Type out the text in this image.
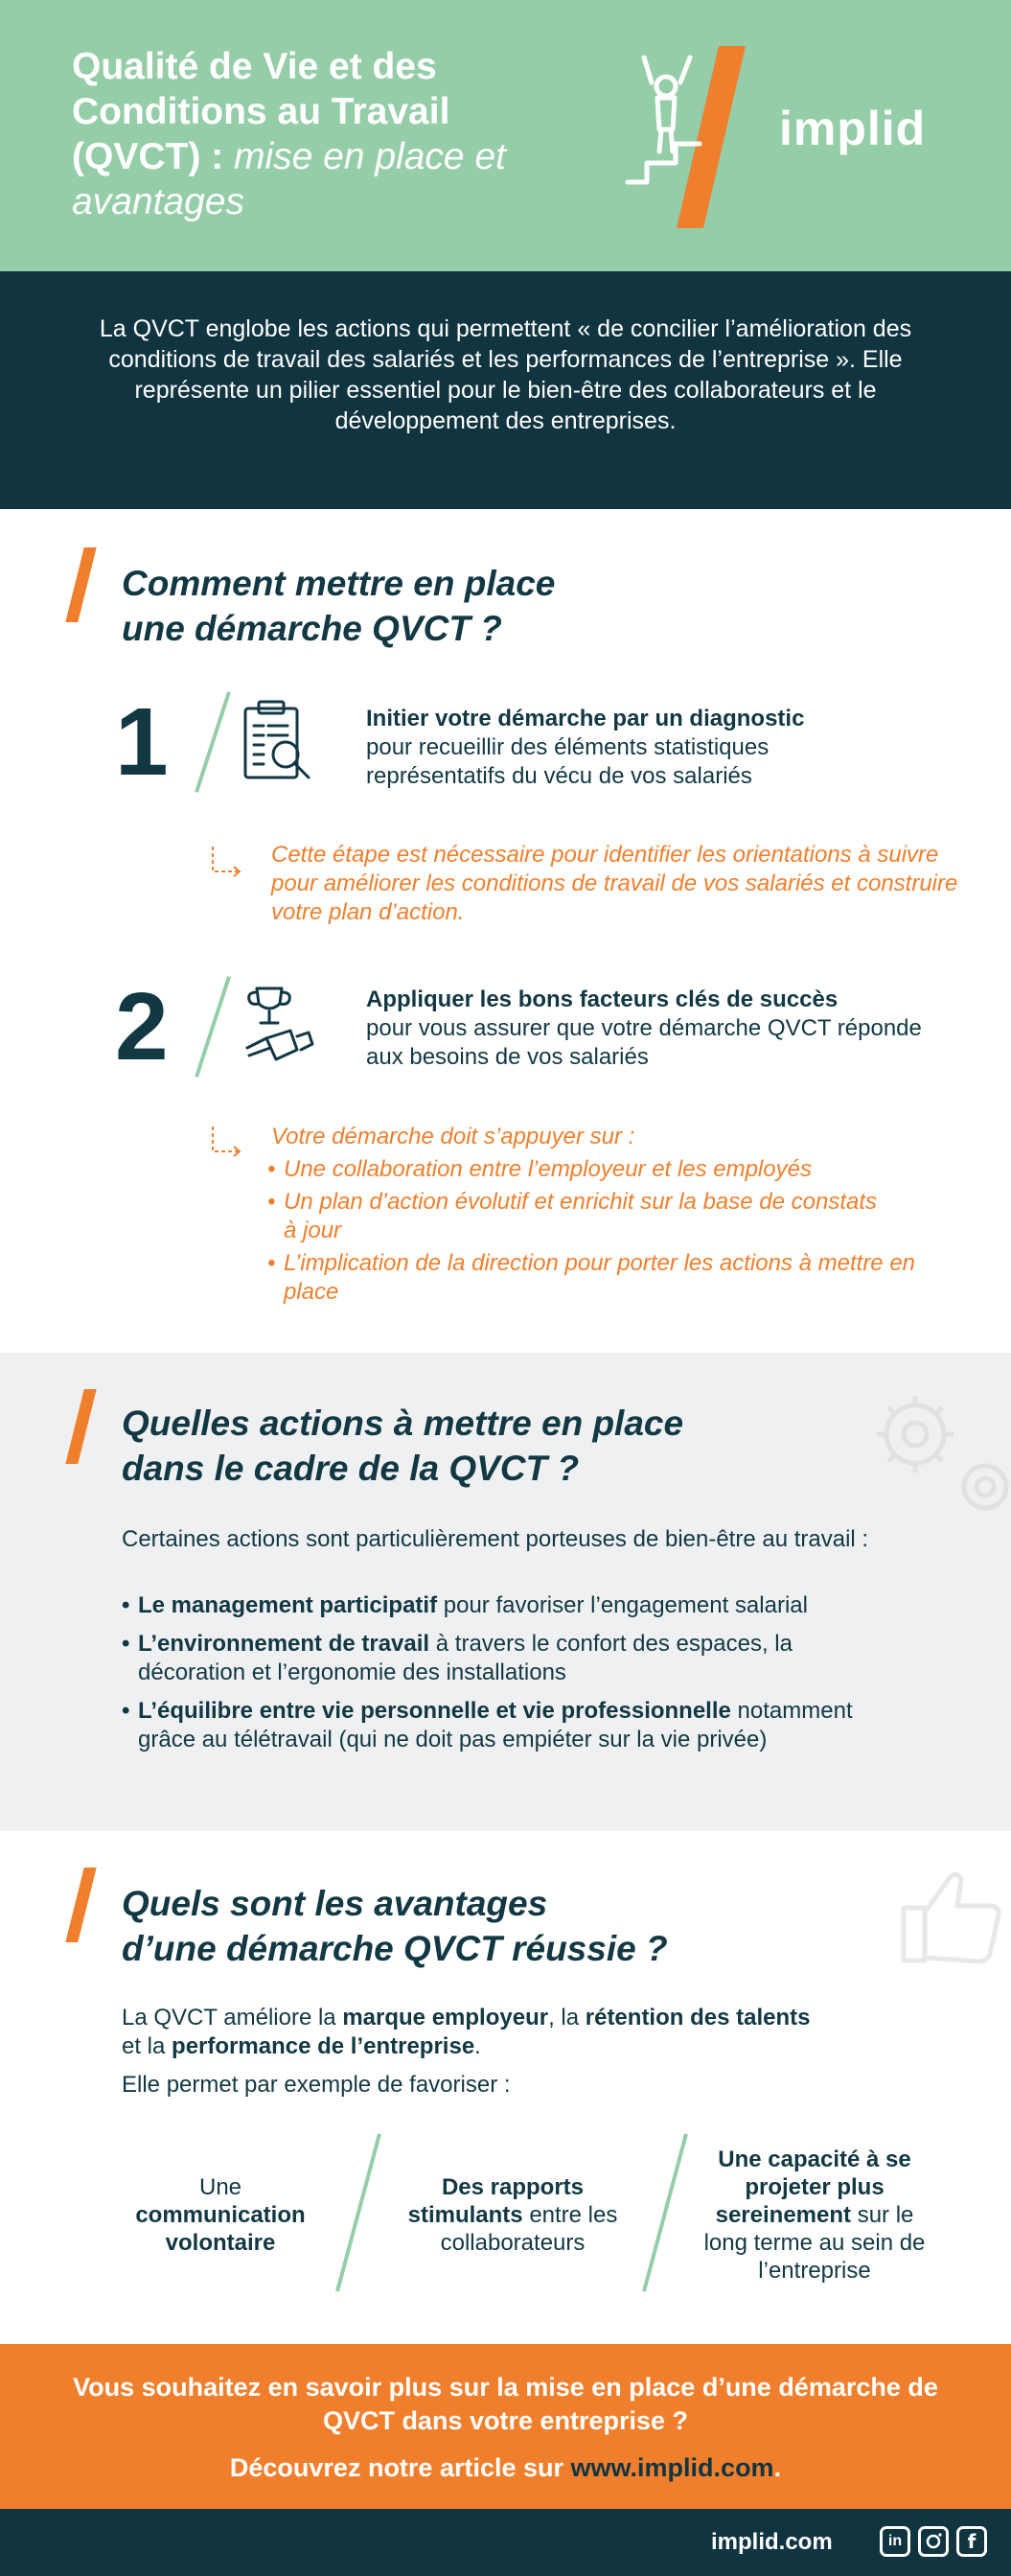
Qualité de Vie et des Conditions au Travail (QVCT) : mise en place et avantages
implid

La QVCT englobe les actions qui permettent « de concilier l’amélioration des conditions de travail des salariés et les performances de l’entreprise ». Elle représente un pilier essentiel pour le bien-être des collaborateurs et le développement des entreprises.

Comment mettre en place
une démarche QVCT ?
1	Initier votre démarche par un diagnostic
pour recueillir des éléments statistiques représentatifs du vécu de vos salariés
Cette étape est nécessaire pour identifier les orientations à suivre pour améliorer les conditions de travail de vos salariés et construire votre plan d’action.
2	Appliquer les bons facteurs clés de succès
pour vous assurer que votre démarche QVCT réponde aux besoins de vos salariés
Votre démarche doit s’appuyer sur :
• Une collaboration entre l’employeur et les employés
• Un plan d’action évolutif et enrichit sur la base de constats à jour
• L’implication de la direction pour porter les actions à mettre en place
Quelles actions à mettre en place
dans le cadre de la QVCT ?
Certaines actions sont particulièrement porteuses de bien-être au travail :
• Le management participatif pour favoriser l’engagement salarial
• L’environnement de travail à travers le confort des espaces, la décoration et l’ergonomie des installations
• L’équilibre entre vie personnelle et vie professionnelle notamment grâce au télétravail (qui ne doit pas empiéter sur la vie privée)
Quels sont les avantages
d’une démarche QVCT réussie ?
La QVCT améliore la marque employeur, la rétention des talents
et la performance de l’entreprise.
Elle permet par exemple de favoriser :
Une
communication volontaire
Des rapports stimulants entre les collaborateurs
Une capacité à se projeter plus sereinement sur le long terme au sein de l’entreprise
Vous souhaitez en savoir plus sur la mise en place d’une démarche de QVCT dans votre entreprise ?
Découvrez notre article sur www.implid.com.
implid.com	in	f
